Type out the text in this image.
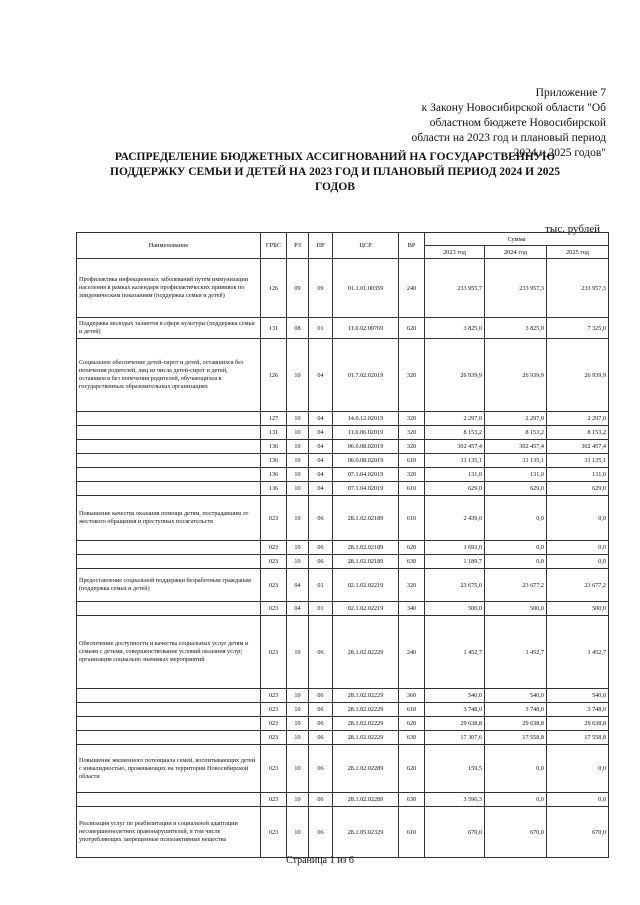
Приложение 7
к Закону Новосибирской области "Об
областном бюджете Новосибирской
области на 2023 год и плановый период
2024 и 2025 годов"
РАСПРЕДЕЛЕНИЕ БЮДЖЕТНЫХ АССИГНОВАНИЙ НА ГОСУДАРСТВЕННУЮ
ПОДДЕРЖКУ СЕМЬИ И ДЕТЕЙ НА 2023 ГОД И ПЛАНОВЫЙ ПЕРИОД 2024 И 2025
ГОДОВ
тыс. рублей
Наименование	ГРБС	РЗ	ПР	ЦСР	ВР	Сумма		
						2023 год	2024 год	2025 год
Профилактика инфекционных заболеваний путем иммунизации населения в рамках календаря профилактических прививок по эпидемическим показаниям (поддержка семьи и детей)	126	09	09	01.1.01.00359	240	233 955,7	233 957,3	233 957,3
Поддержка молодых талантов в сфере культуры (поддержка семьи и детей)	131	08	01	11.0.02.00769	620	3 825,0	3 825,0	7 325,0
Социальное обеспечение детей-сирот и детей, оставшихся без попечения родителей, лиц из числа детей-сирот и детей, оставшихся без попечения родителей, обучающихся в государственных образовательных организациях	126	10	04	01.7.02.02019	320	26 939,9	26 939,9	26 939,9
	127	10	04	14.0.12.02019	320	2 297,0	2 297,0	2 297,0
	131	10	04	11.0.06.02019	320	8 153,2	8 153,2	8 153,2
	136	10	04	06.0.08.02019	320	302 457,4	302 457,4	302 457,4
	136	10	04	06.0.08.02019	610	31 135,1	31 135,1	31 135,1
	136	10	04	07.1.04.02019	320	131,0	131,0	131,0
	136	10	04	07.1.04.02019	610	629,0	629,0	629,0
Повышение качества оказания помощи детям, пострадавшим от жестокого обращения и преступных посягательств	023	10	06	28.1.02.02189	610	2 439,0	0,0	0,0
	023	10	06	28.1.02.02189	620	1 693,0	0,0	0,0
	023	10	06	28.1.02.02189	630	1 189,7	0,0	0,0
Предоставление социальной поддержки безработным гражданам (поддержка семьи и детей)	023	04	01	02.1.02.02219	320	23 675,0	23 677,2	23 677,2
	023	04	01	02.1.02.02219	340	500,0	500,0	500,0
Обеспечение доступности и качества социальных услуг детям и семьям с детьми, совершенствование условий оказания услуг, организация социально значимых мероприятий	023	10	06	28.1.02.02229	240	1 452,7	1 452,7	1 452,7
	023	10	06	28.1.02.02229	360	540,0	540,0	540,0
	023	10	06	28.1.02.02229	610	3 748,0	3 748,0	3 748,0
	023	10	06	28.1.02.02229	620	29 638,8	29 638,8	29 638,8
	023	10	06	28.1.02.02229	630	17 307,6	17 558,8	17 558,8
Повышение жизненного потенциала семей, воспитывающих детей с инвалидностью, проживающих на территории Новосибирской области	023	10	06	28.1.02.02289	620	159,5	0,0	0,0
	023	10	06	28.1.02.02289	630	3 596,3	0,0	0,0
Реализация услуг по реабилитации и социальной адаптации несовершеннолетних правонарушителей, в том числе употребляющих запрещенные психоактивные вещества	023	10	06	28.1.05.02329	610	670,0	670,0	670,0
Страница 1 из 6
